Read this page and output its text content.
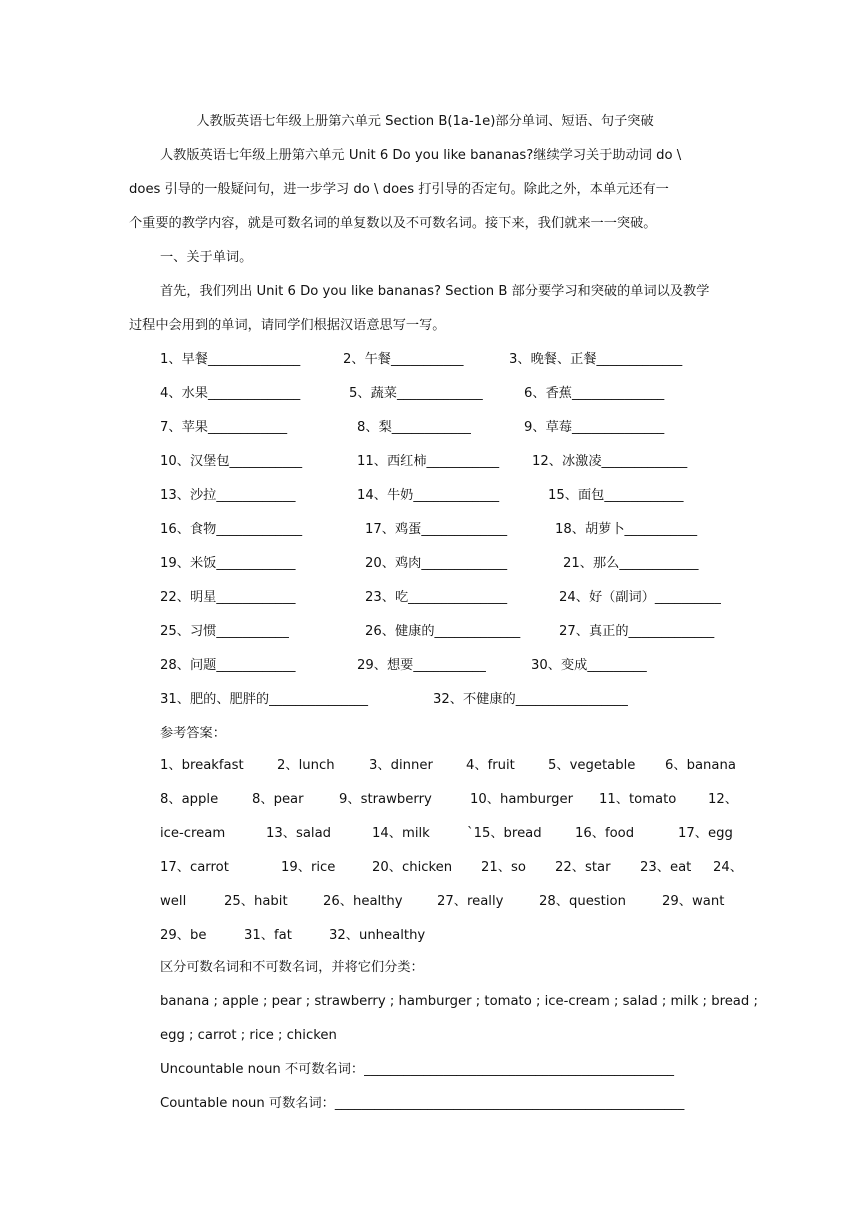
人教版英语七年级上册第六单元 Section B(1a-1e)部分单词、短语、句子突破
人教版英语七年级上册第六单元 Unit 6 Do you like bananas?继续学习关于助动词 do \
does 引导的一般疑问句，进一步学习 do \ does 打引导的否定句。除此之外，本单元还有一
个重要的教学内容，就是可数名词的单复数以及不可数名词。接下来，我们就来一一突破。
一、关于单词。
首先，我们列出 Unit 6 Do you like bananas? Section B 部分要学习和突破的单词以及教学
过程中会用到的单词，请同学们根据汉语意思写一写。
1、早餐______________	2、午餐___________	3、晚餐、正餐_____________
4、水果______________	5、蔬菜_____________	6、香蕉______________
7、苹果____________	8、梨____________	9、草莓______________
10、汉堡包___________	11、西红柿___________ 12、冰激凌_____________
13、沙拉____________	14、牛奶_____________	15、面包____________
16、食物_____________	17、鸡蛋_____________	18、胡萝卜___________
19、米饭____________	20、鸡肉_____________	21、那么____________
22、明星____________	23、吃_______________	24、好（副词）__________
25、习惯___________	26、健康的_____________	27、真正的_____________
28、问题____________	29、想要___________	30、变成_________
31、肥的、肥胖的_______________	32、不健康的_________________
参考答案：
1、breakfast	2、lunch	3、dinner	4、fruit	5、vegetable 6、banana
8、apple	8、pear	9、strawberry	10、hamburger 11、tomato 12、
ice-cream	13、salad	14、milk	`15、bread	16、food	17、egg
17、carrot	19、rice	20、chicken 21、so 22、star 23、eat 24、
well	25、habit	26、healthy	27、really	28、question	29、want
29、be	31、fat	32、unhealthy
区分可数名词和不可数名词，并将它们分类：
banana ; apple ; pear ; strawberry ; hamburger ; tomato ; ice-cream ; salad ; milk ; bread ;
egg ; carrot ; rice ; chicken
Uncountable noun 不可数名词：_______________________________________________
Countable noun 可数名词：_____________________________________________________
